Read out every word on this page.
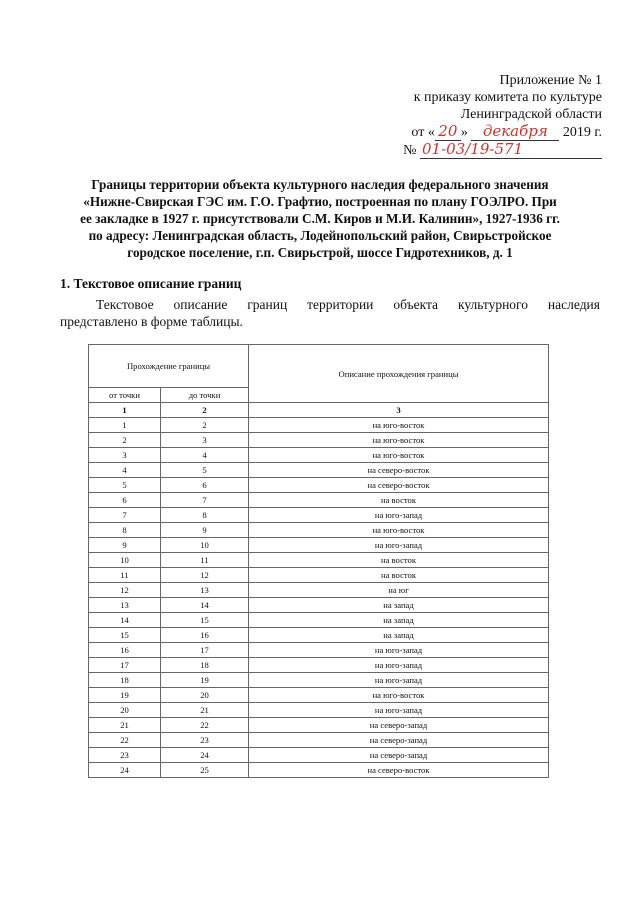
Приложение № 1
к приказу комитета по культуре
Ленинградской области
от « 20 » декабря 2019 г.
№ 01-03/19-571
Границы территории объекта культурного наследия федерального значения
«Нижне-Свирская ГЭС им. Г.О. Графтио, построенная по плану ГОЭЛРО. При
ее закладке в 1927 г. присутствовали С.М. Киров и М.И. Калинин», 1927-1936 гг.
по адресу: Ленинградская область, Лодейнопольский район, Свирьстройское
городское поселение, г.п. Свирьстрой, шоссе Гидротехников, д. 1
1. Текстовое описание границ
Текстовое описание границ территории объекта культурного наследия
представлено в форме таблицы.
Прохождение границы		Описание прохождения границы
от точки	до точки	
1	2	3
1	2	на юго-восток
2	3	на юго-восток
3	4	на юго-восток
4	5	на северо-восток
5	6	на северо-восток
6	7	на восток
7	8	на юго-запад
8	9	на юго-восток
9	10	на юго-запад
10	11	на восток
11	12	на восток
12	13	на юг
13	14	на запад
14	15	на запад
15	16	на запад
16	17	на юго-запад
17	18	на юго-запад
18	19	на юго-запад
19	20	на юго-восток
20	21	на юго-запад
21	22	на северо-запад
22	23	на северо-запад
23	24	на северо-запад
24	25	на северо-восток
